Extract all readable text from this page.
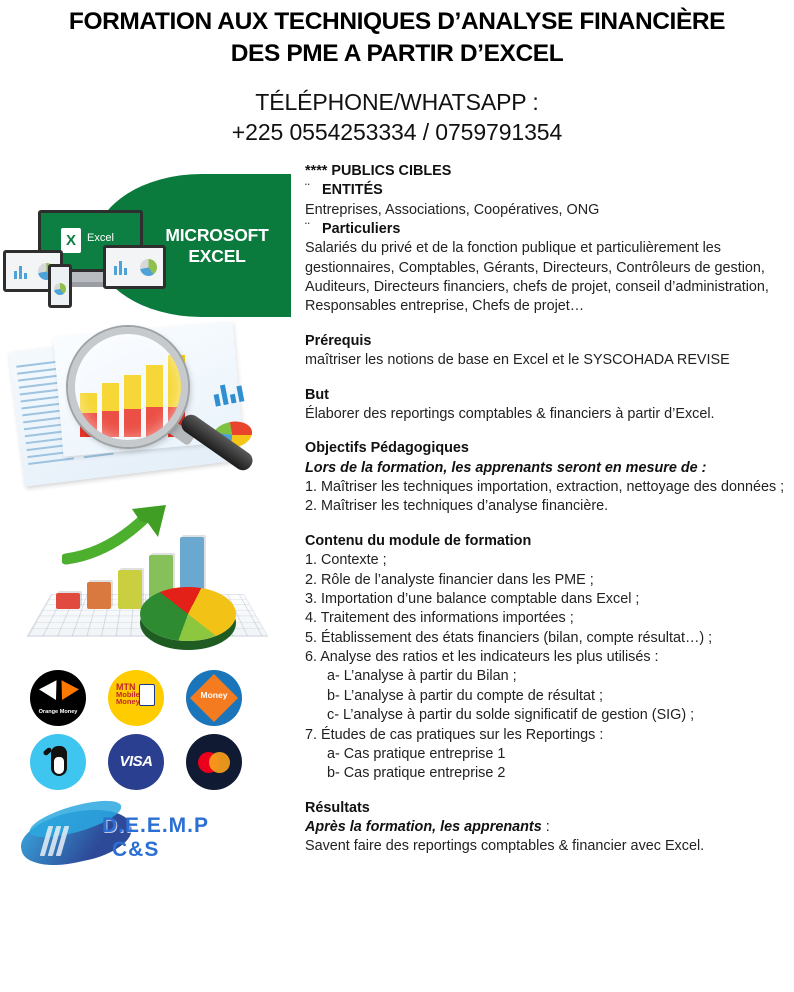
FORMATION AUX TECHNIQUES D’ANALYSE FINANCIÈRE
DES PME A PARTIR D’EXCEL
TÉLÉPHONE/WHATSAPP :
+225 0554253334 / 0759791354
MICROSOFT EXCEL
X	Excel
Orange Money
MTN
Mobile
Money
Money
VISA
D.E.E.M.P
C&S
**** PUBLICS CIBLES
¨ ENTITÉS
Entreprises, Associations, Coopératives, ONG
¨ Particuliers
Salariés du privé et de la fonction publique et particulièrement les gestionnaires, Comptables, Gérants, Directeurs, Contrôleurs de gestion, Auditeurs, Directeurs financiers, chefs de projet, conseil d’administration, Responsables entreprise, Chefs de projet…
Prérequis
maîtriser les notions de base en Excel et le SYSCOHADA REVISE
But
Élaborer des reportings comptables & financiers à partir d’Excel.
Objectifs Pédagogiques
Lors de la formation, les apprenants seront en mesure de :
1. Maîtriser les techniques importation, extraction, nettoyage des données ;
2. Maîtriser les techniques d’analyse financière.
Contenu du module de formation
1. Contexte ;
2. Rôle de l’analyste financier dans les PME ;
3. Importation d’une balance comptable dans Excel ;
4. Traitement des informations importées ;
5. Établissement des états financiers (bilan, compte résultat…) ;
6. Analyse des ratios et les indicateurs les plus utilisés :
a- L’analyse à partir du Bilan ;
b- L’analyse à partir du compte de résultat ;
c- L’analyse à partir du solde significatif de gestion (SIG) ;
7. Études de cas pratiques sur les Reportings :
a- Cas pratique entreprise 1
b- Cas pratique entreprise 2
Résultats
Après la formation, les apprenants :
Savent faire des reportings comptables & financier avec Excel.
